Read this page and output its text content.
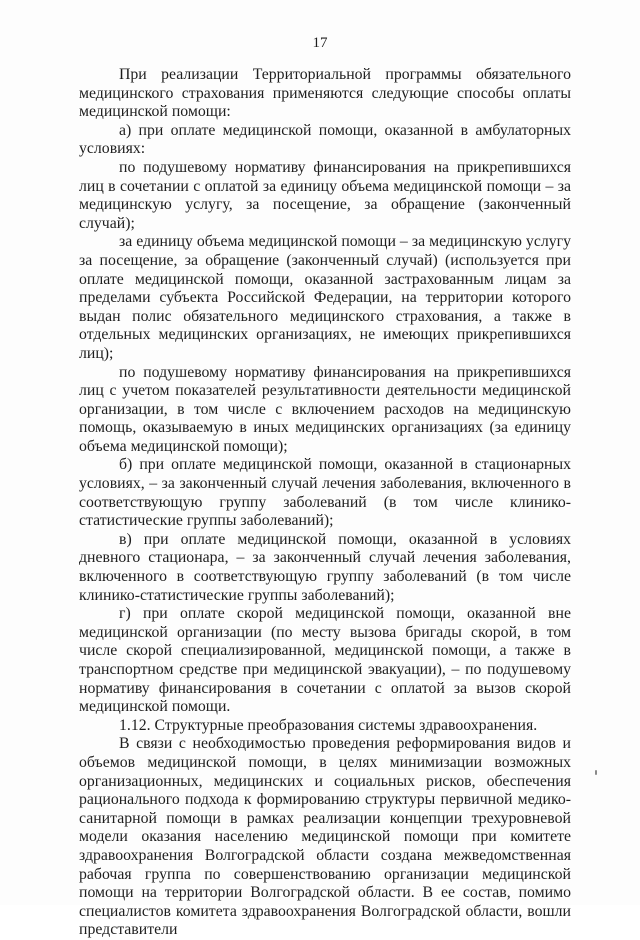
17

При реализации Территориальной программы обязательного медицинского страхования применяются следующие способы оплаты медицинской помощи:

а) при оплате медицинской помощи, оказанной в амбулаторных условиях:

по подушевому нормативу финансирования на прикрепившихся лиц в сочетании с оплатой за единицу объема медицинской помощи – за медицинскую услугу, за посещение, за обращение (законченный случай);

за единицу объема медицинской помощи – за медицинскую услугу за посещение, за обращение (законченный случай) (используется при оплате медицинской помощи, оказанной застрахованным лицам за пределами субъекта Российской Федерации, на территории которого выдан полис обязательного медицинского страхования, а также в отдельных медицинских организациях, не имеющих прикрепившихся лиц);

по подушевому нормативу финансирования на прикрепившихся лиц с учетом показателей результативности деятельности медицинской организации, в том числе с включением расходов на медицинскую помощь, оказываемую в иных медицинских организациях (за единицу объема медицинской помощи);

б) при оплате медицинской помощи, оказанной в стационарных условиях, – за законченный случай лечения заболевания, включенного в соответствующую группу заболеваний (в том числе клинико-статистические группы заболеваний);

в) при оплате медицинской помощи, оказанной в условиях дневного стационара, – за законченный случай лечения заболевания, включенного в соответствующую группу заболеваний (в том числе клинико-статистические группы заболеваний);

г) при оплате скорой медицинской помощи, оказанной вне медицинской организации (по месту вызова бригады скорой, в том числе скорой специализированной, медицинской помощи, а также в транспортном средстве при медицинской эвакуации), – по подушевому нормативу финансирования в сочетании с оплатой за вызов скорой медицинской помощи.

1.12. Структурные преобразования системы здравоохранения.

В связи с необходимостью проведения реформирования видов и объемов медицинской помощи, в целях минимизации возможных организационных, медицинских и социальных рисков, обеспечения рационального подхода к формированию структуры первичной медико-санитарной помощи в рамках реализации концепции трехуровневой модели оказания населению медицинской помощи при комитете здравоохранения Волгоградской области создана межведомственная рабочая группа по совершенствованию организации медицинской помощи на территории Волгоградской области. В ее состав, помимо специалистов комитета здравоохранения Волгоградской области, вошли представители
